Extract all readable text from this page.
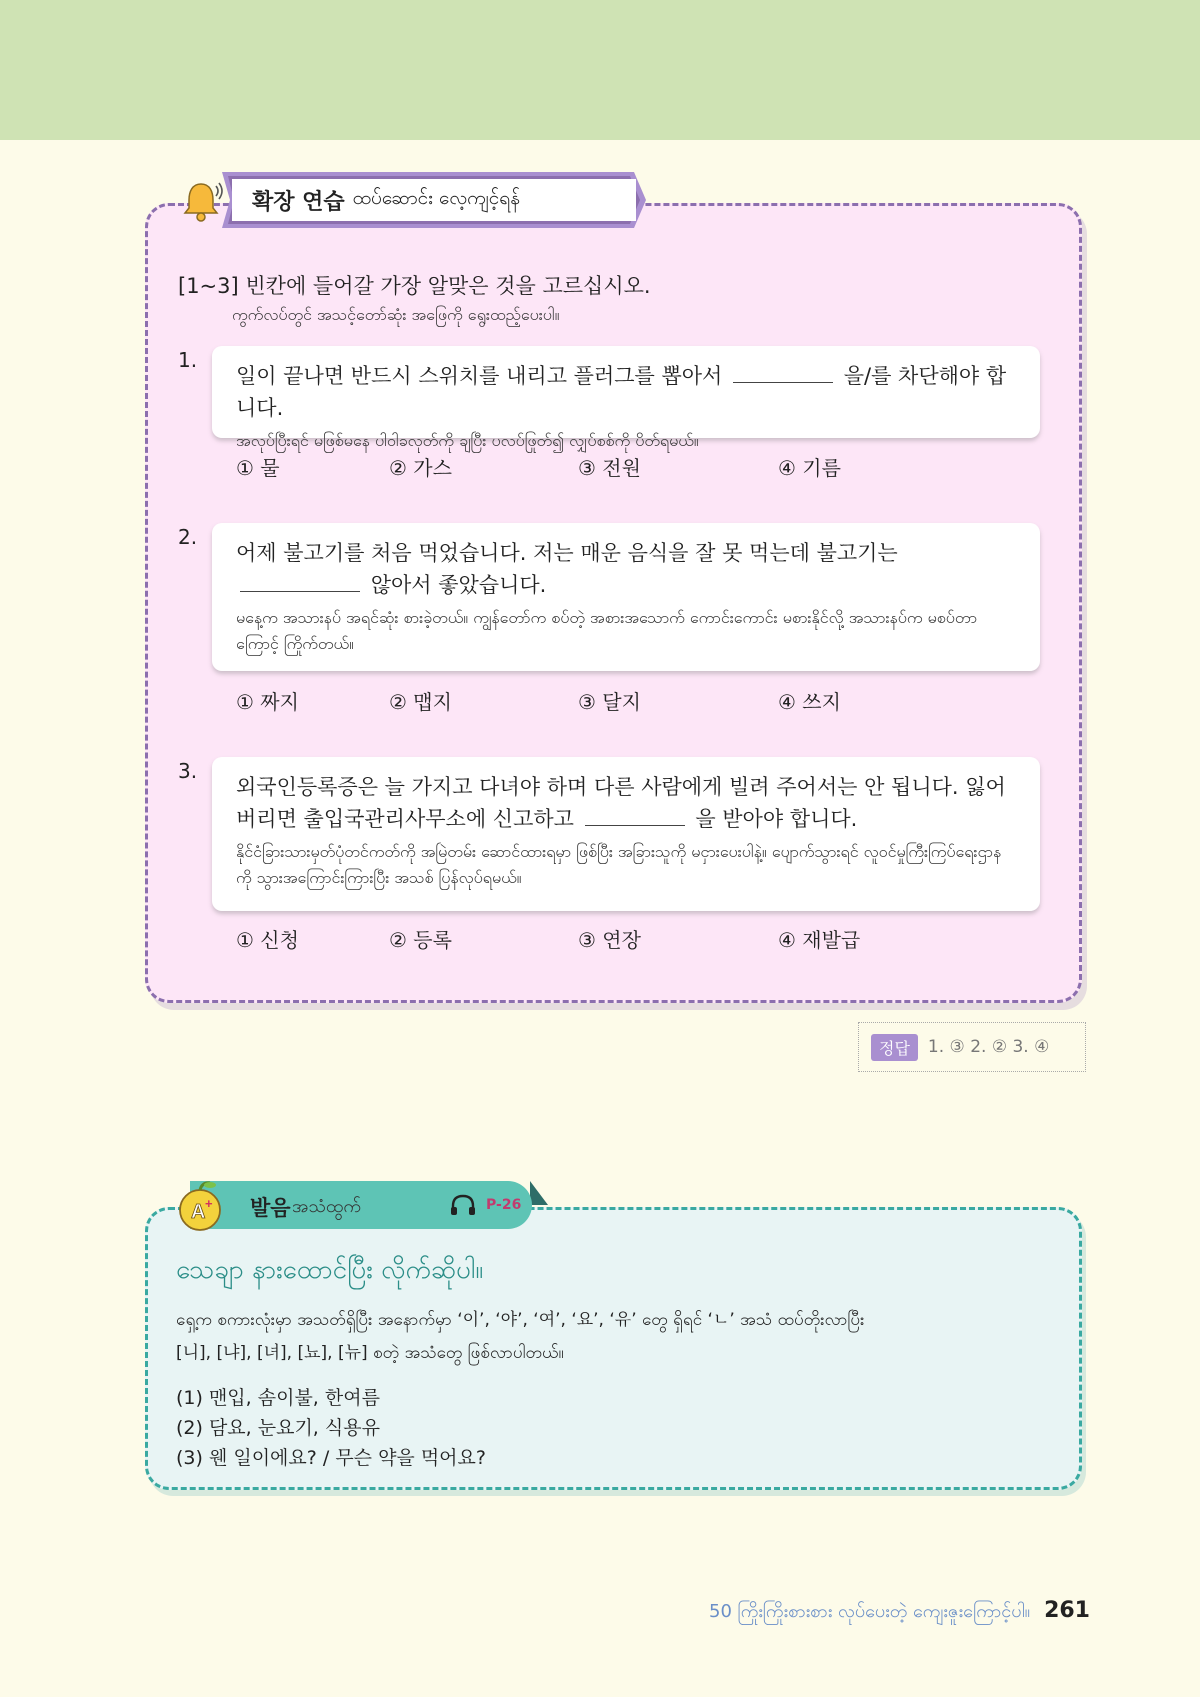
확장 연습 ထပ်ဆောင်း လေ့ကျင့်ရန်
[1~3] 빈칸에 들어갈 가장 알맞은 것을 고르십시오.
ကွက်လပ်တွင် အသင့်တော်ဆုံး အဖြေကို ရွေးထည့်ပေးပါ။
1.
일이 끝나면 반드시 스위치를 내리고 플러그를 뽑아서	을/를 차단해야 합니다.
အလုပ်ပြီးရင် မဖြစ်မနေ ပါဝါခလုတ်ကို ချပြီး ပလပ်ဖြုတ်၍ လျှပ်စစ်ကို ပိတ်ရမယ်။
① 물	② 가스	③ 전원	④ 기름
2.
어제 불고기를 처음 먹었습니다. 저는 매운 음식을 잘 못 먹는데 불고기는  않아서 좋았습니다.
မနေ့က အသားနပ် အရင်ဆုံး စားခဲ့တယ်။ ကျွန်တော်က စပ်တဲ့ အစားအသောက် ကောင်းကောင်း မစားနိုင်လို့ အသားနပ်က မစပ်တာကြောင့် ကြိုက်တယ်။
① 짜지	② 맵지	③ 달지	④ 쓰지
3.
외국인등록증은 늘 가지고 다녀야 하며 다른 사람에게 빌려 주어서는 안 됩니다. 잃어버리면 출입국관리사무소에 신고하고	을 받아야 합니다.
နိုင်ငံခြားသားမှတ်ပုံတင်ကတ်ကို အမြဲတမ်း ဆောင်ထားရမှာ ဖြစ်ပြီး အခြားသူကို မငှားပေးပါနဲ့။ ပျောက်သွားရင် လူဝင်မှုကြီးကြပ်ရေးဌာနကို သွားအကြောင်းကြားပြီး အသစ် ပြန်လုပ်ရမယ်။
① 신청	② 등록	③ 연장	④ 재발급
정답	1. ③ 2. ② 3. ④
A + 발음 အသံထွက်	P-26
သေချာ နားထောင်ပြီး လိုက်ဆိုပါ။
ရှေ့က စကားလုံးမှာ အသတ်ရှိပြီး အနောက်မှာ ‘이’, ‘야’, ‘여’, ‘요’, ‘유’ တွေ ရှိရင် ‘ㄴ’ အသံ ထပ်တိုးလာပြီး
[니], [냐], [녀], [뇨], [뉴] စတဲ့ အသံတွေ ဖြစ်လာပါတယ်။
(1) 맨입, 솜이불, 한여름
(2) 담요, 눈요기, 식용유
(3) 웬 일이에요? / 무슨 약을 먹어요?
50 ကြိုးကြိုးစားစား လုပ်ပေးတဲ့ ကျေးဇူးကြောင့်ပါ။ 261
